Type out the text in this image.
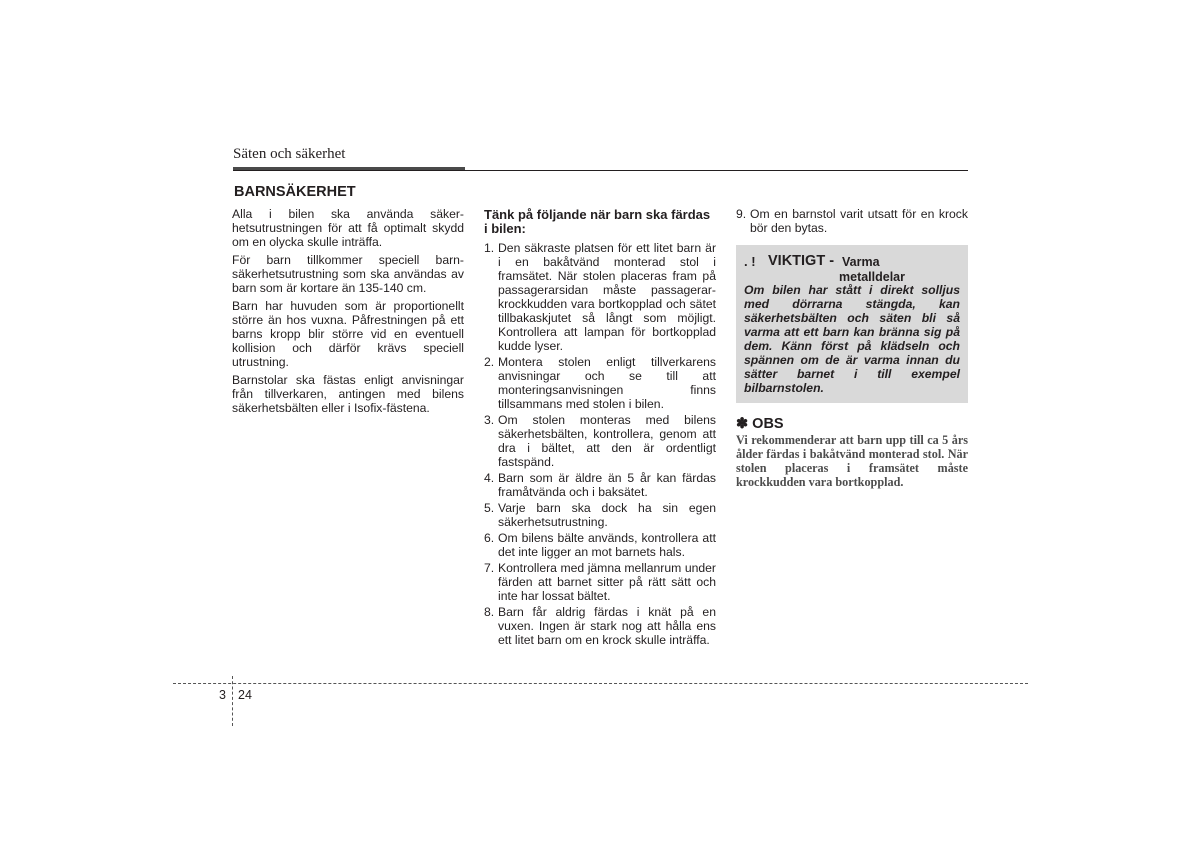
Säten och säkerhet
BARNSÄKERHET

Alla i bilen ska använda säker-hetsutrustningen för att få optimalt skydd om en olycka skulle inträffa.

För barn tillkommer speciell barn-säkerhetsutrustning som ska användas av barn som är kortare än 135-140 cm.

Barn har huvuden som är proportionellt större än hos vuxna. Påfrestningen på ett barns kropp blir större vid en eventuell kollision och därför krävs speciell utrustning.

Barnstolar ska fästas enligt anvisningar från tillverkaren, antingen med bilens säkerhetsbälten eller i Isofix-fästena.

Tänk på följande när barn ska färdas i bilen:
1. Den säkraste platsen för ett litet barn är i en bakåtvänd monterad stol i framsätet. När stolen placeras fram på passagerarsidan måste passagerar-krockkudden vara bortkopplad och sätet tillbakaskjutet så långt som möjligt. Kontrollera att lampan för bortkopplad kudde lyser.
2. Montera stolen enligt tillverkarens anvisningar och se till att monteringsanvisningen finns tillsammans med stolen i bilen.
3. Om stolen monteras med bilens säkerhetsbälten, kontrollera, genom att dra i bältet, att den är ordentligt fastspänd.
4. Barn som är äldre än 5 år kan färdas framåtvända och i baksätet.
5. Varje barn ska dock ha sin egen säkerhetsutrustning.
6. Om bilens bälte används, kontrollera att det inte ligger an mot barnets hals.
7. Kontrollera med jämna mellanrum under färden att barnet sitter på rätt sätt och inte har lossat bältet.
8. Barn får aldrig färdas i knät på en vuxen. Ingen är stark nog att hålla ens ett litet barn om en krock skulle inträffa.
9. Om en barnstol varit utsatt för en krock bör den bytas.
. ! VIKTIGT - Varma
metalldelar
Om bilen har stått i direkt solljus med dörrarna stängda, kan säkerhetsbälten och säten bli så varma att ett barn kan bränna sig på dem. Känn först på klädseln och spännen om de är varma innan du sätter barnet i till exempel bilbarnstolen.
✽ OBS
Vi rekommenderar att barn upp till ca 5 års ålder färdas i bakåtvänd monterad stol. När stolen placeras i framsätet måste krockkudden vara bortkopplad.
3 24
